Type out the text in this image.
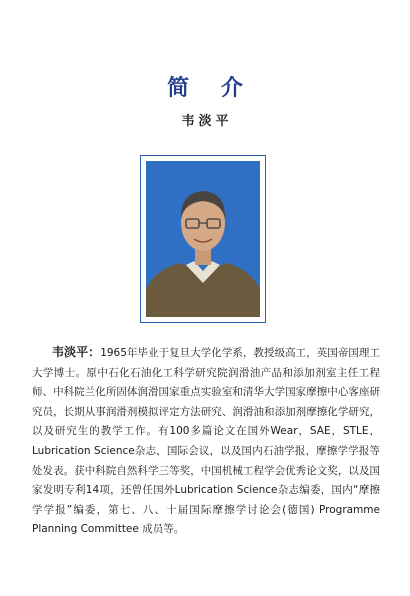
简 介
韦淡平
韦淡平：1965年毕业于复旦大学化学系，教授级高工，英国帝国理工大学博士。原中石化石油化工科学研究院润滑油产品和添加剂室主任工程师、中科院兰化所固体润滑国家重点实验室和清华大学国家摩擦中心客座研究员，长期从事润滑剂模拟评定方法研究、润滑油和添加剂摩擦化学研究，以及研究生的教学工作。有100多篇论文在国外Wear，SAE，STLE，Lubrication Science杂志，国际会议，以及国内石油学报，摩擦学学报等处发表。获中科院自然科学三等奖，中国机械工程学会优秀论文奖，以及国家发明专利14项，还曾任国外Lubrication Science杂志编委，国内“摩擦学学报”编委，第七、八、十届国际摩擦学讨论会(德国) Programme Planning Committee 成员等。
